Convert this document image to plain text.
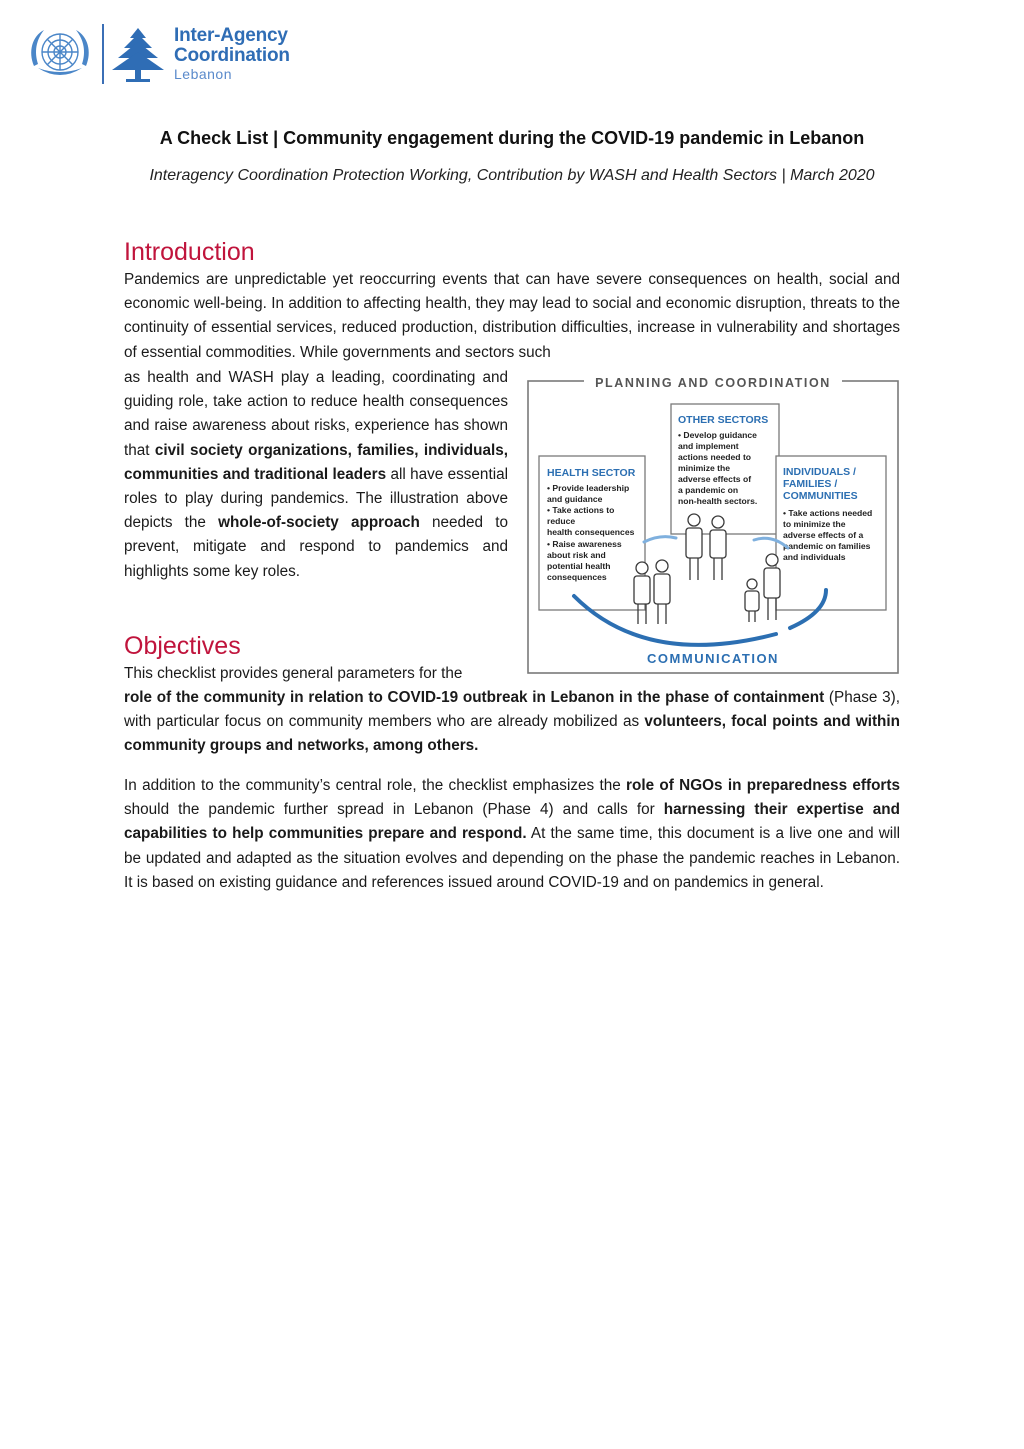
Inter-Agency
Coordination
Lebanon
A Check List | Community engagement during the COVID-19 pandemic in Lebanon
Interagency Coordination Protection Working, Contribution by WASH and Health Sectors | March 2020
Introduction

Pandemics are unpredictable yet reoccurring events that can have severe consequences on health, social and economic well-being. In addition to affecting health, they may lead to social and economic disruption, threats to the continuity of essential services, reduced production, distribution difficulties, increase in vulnerability and shortages of essential commodities. While governments and sectors such

as health and WASH play a leading, coordinating and guiding role, take action to reduce health consequences and raise awareness about risks, experience has shown that civil society organizations, families, individuals, communities and traditional leaders all have essential roles to play during pandemics. The illustration above depicts the whole-of-society approach needed to prevent, mitigate and respond to pandemics and highlights some key roles.

PLANNING AND COORDINATION
HEALTH SECTOR
• Provide leadership
and guidance
• Take actions to
reduce
health consequences
• Raise awareness
about risk and
potential health
consequences
OTHER SECTORS
• Develop guidance
and implement
actions needed to
minimize the
adverse effects of
a pandemic on
non-health sectors.
INDIVIDUALS /
FAMILIES /
COMMUNITIES
• Take actions needed
to minimize the
adverse effects of a
pandemic on families
and individuals
COMMUNICATION
Objectives

This checklist provides general parameters for the

role of the community in relation to COVID-19 outbreak in Lebanon in the phase of containment (Phase 3), with particular focus on community members who are already mobilized as volunteers, focal points and within community groups and networks, among others.

In addition to the community’s central role, the checklist emphasizes the role of NGOs in preparedness efforts should the pandemic further spread in Lebanon (Phase 4) and calls for harnessing their expertise and capabilities to help communities prepare and respond. At the same time, this document is a live one and will be updated and adapted as the situation evolves and depending on the phase the pandemic reaches in Lebanon. It is based on existing guidance and references issued around COVID-19 and on pandemics in general.
